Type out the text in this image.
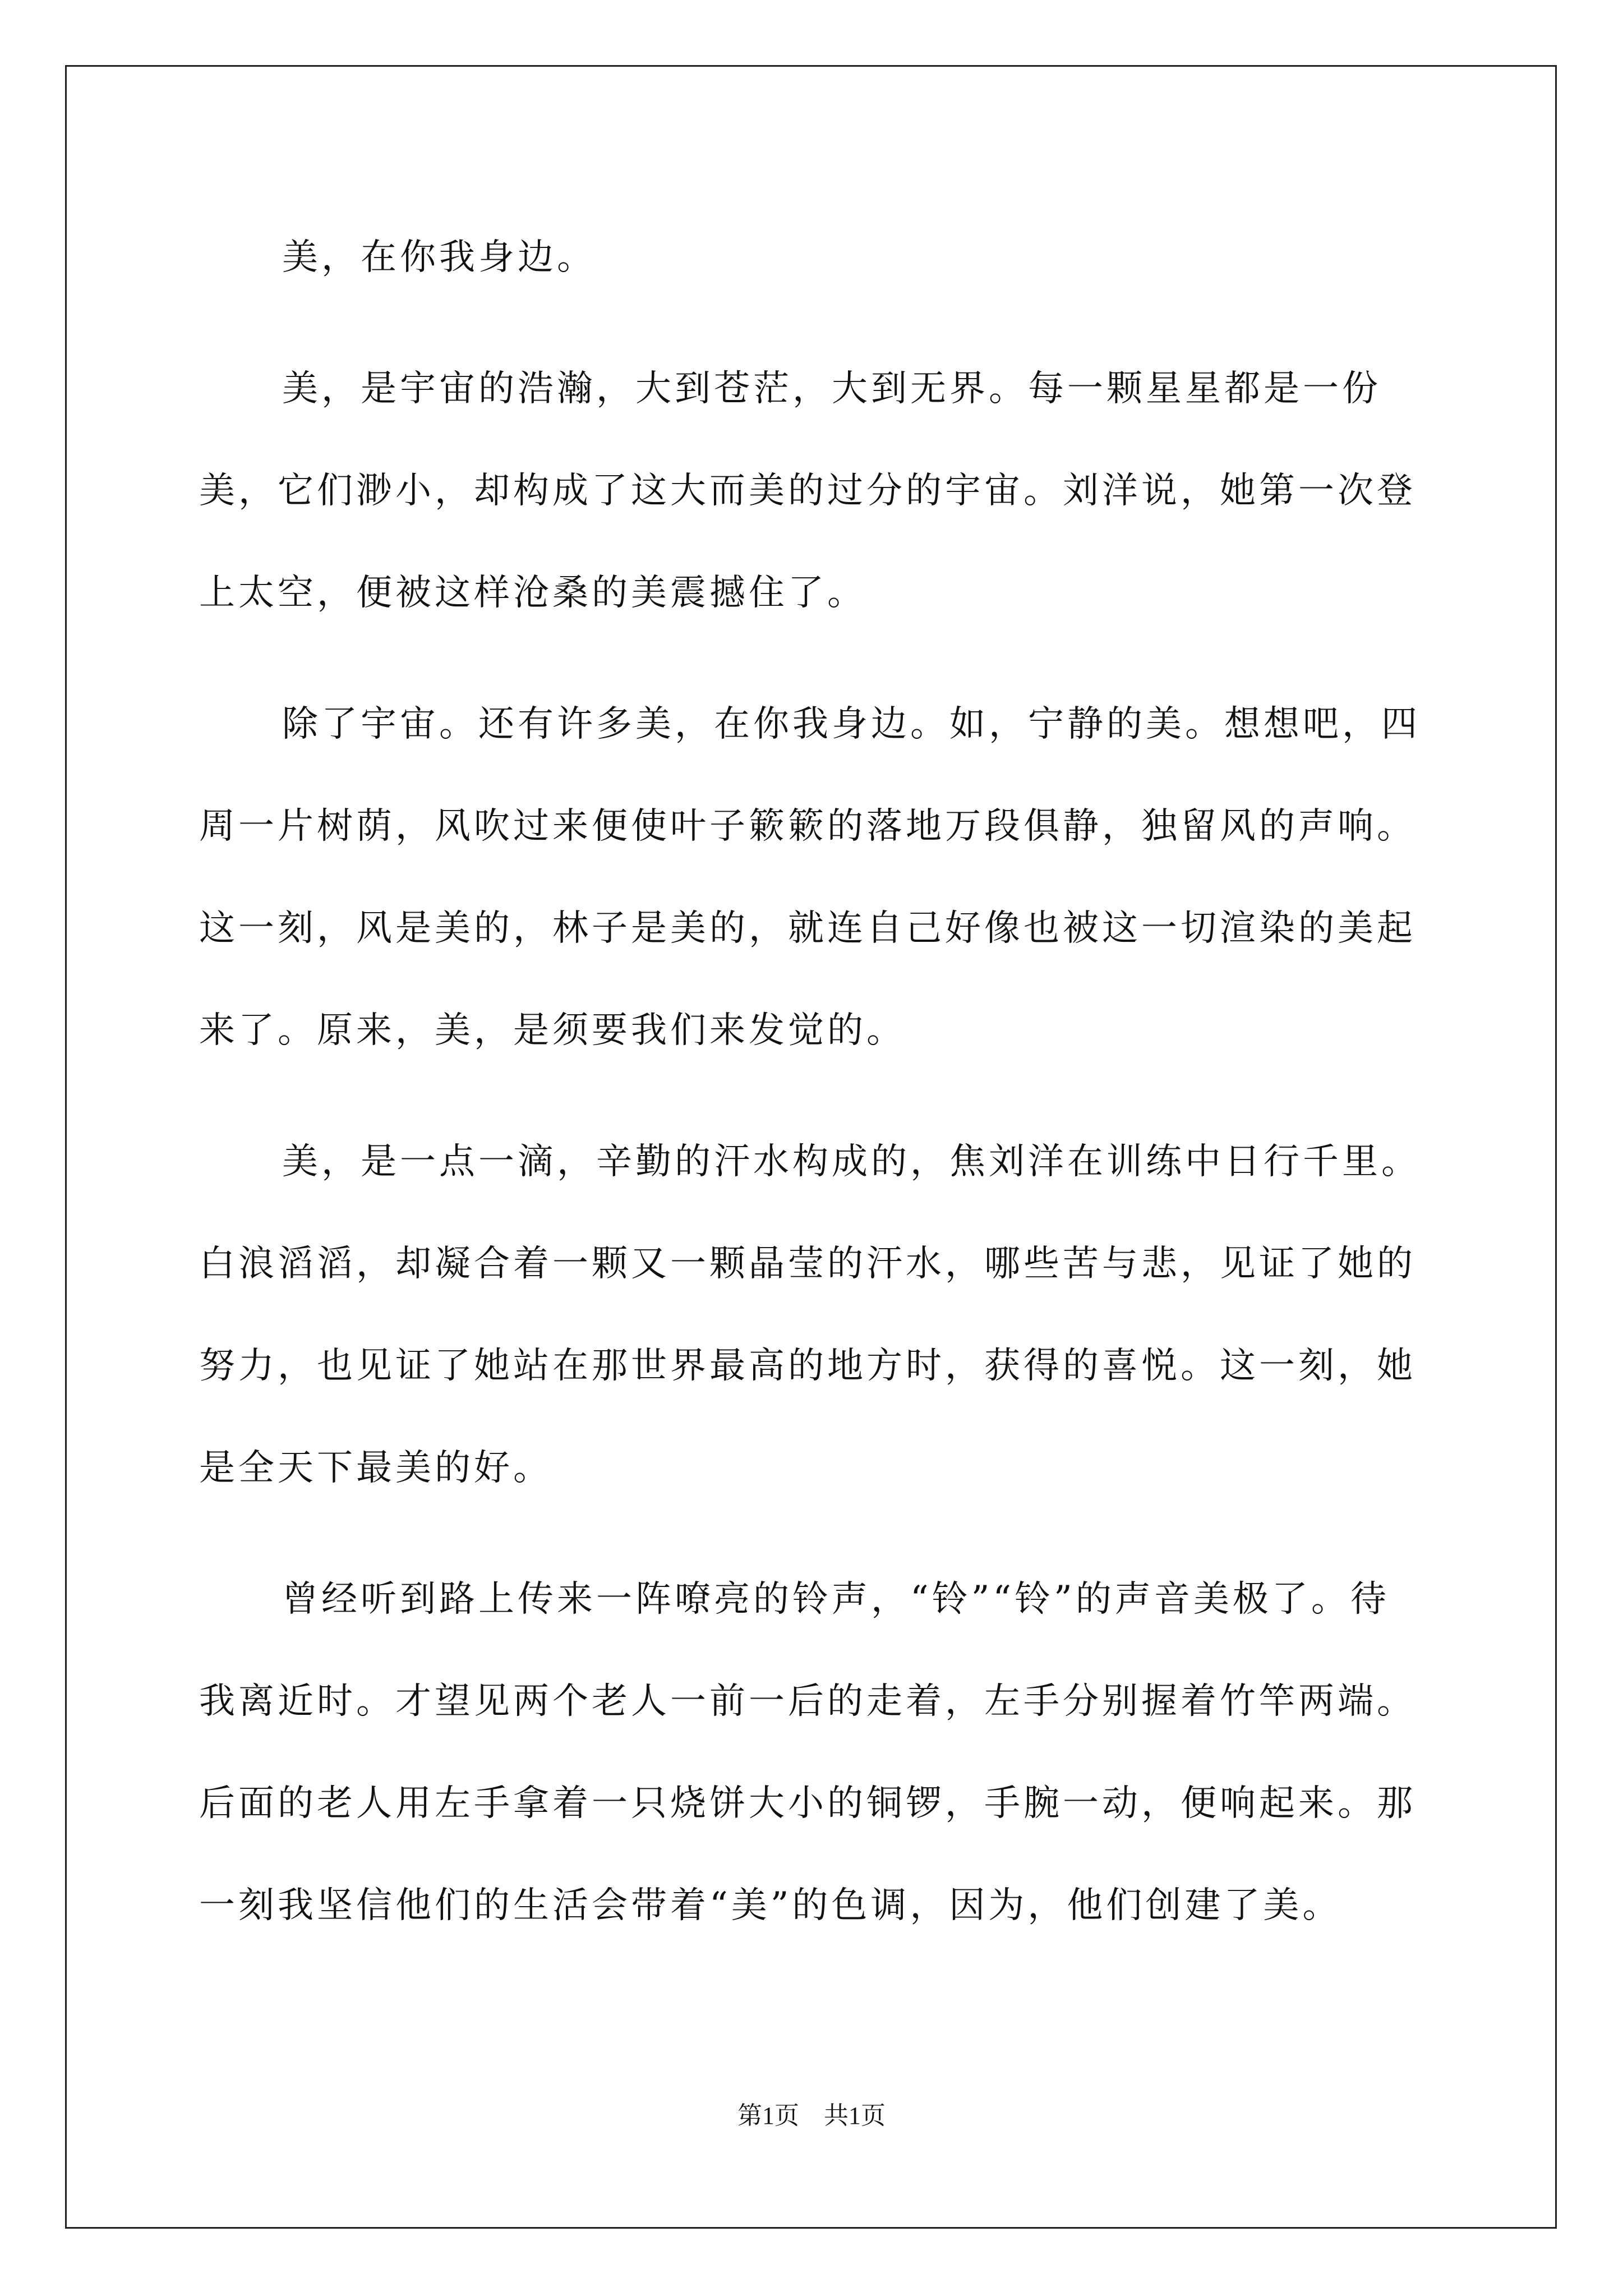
美，在你我身边。

美，是宇宙的浩瀚，大到苍茫，大到无界。每一颗星星都是一份美，它们渺小，却构成了这大而美的过分的宇宙。刘洋说，她第一次登上太空，便被这样沧桑的美震撼住了。

除了宇宙。还有许多美，在你我身边。如，宁静的美。想想吧，四周一片树荫，风吹过来便使叶子簌簌的落地万段俱静，独留风的声响。这一刻，风是美的，林子是美的，就连自己好像也被这一切渲染的美起来了。原来，美，是须要我们来发觉的。

美，是一点一滴，辛勤的汗水构成的，焦刘洋在训练中日行千里。白浪滔滔，却凝合着一颗又一颗晶莹的汗水，哪些苦与悲，见证了她的努力，也见证了她站在那世界最高的地方时，获得的喜悦。这一刻，她是全天下最美的好。

曾经听到路上传来一阵嘹亮的铃声，“铃”“铃”的声音美极了。待我离近时。才望见两个老人一前一后的走着，左手分别握着竹竿两端。后面的老人用左手拿着一只烧饼大小的铜锣，手腕一动，便响起来。那一刻我坚信他们的生活会带着“美”的色调，因为，他们创建了美。

第1页　共1页
